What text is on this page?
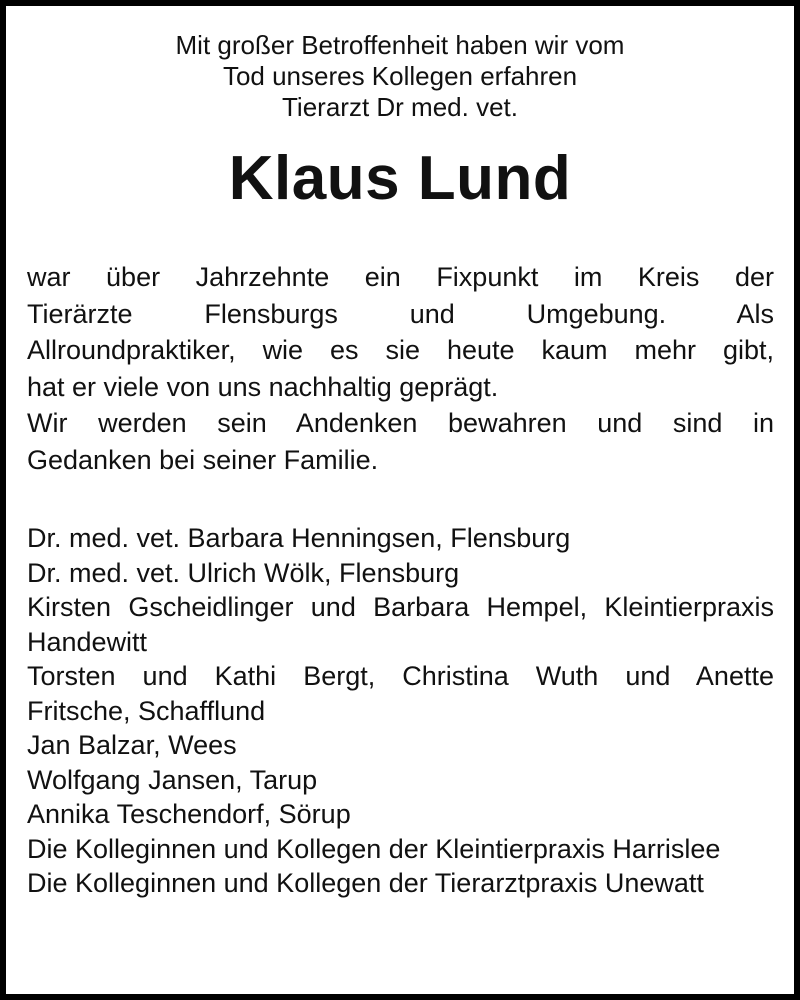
Mit großer Betroffenheit haben wir vom
Tod unseres Kollegen erfahren
Tierarzt Dr med. vet.
Klaus Lund
war über Jahrzehnte ein Fixpunkt im Kreis der
Tierärzte Flensburgs und Umgebung. Als
Allroundpraktiker, wie es sie heute kaum mehr gibt,
hat er viele von uns nachhaltig geprägt.
Wir werden sein Andenken bewahren und sind in
Gedanken bei seiner Familie.
Dr. med. vet. Barbara Henningsen, Flensburg
Dr. med. vet. Ulrich Wölk, Flensburg
Kirsten Gscheidlinger und Barbara Hempel, Kleintierpraxis
Handewitt
Torsten und Kathi Bergt, Christina Wuth und Anette
Fritsche, Schafflund
Jan Balzar, Wees
Wolfgang Jansen, Tarup
Annika Teschendorf, Sörup
Die Kolleginnen und Kollegen der Kleintierpraxis Harrislee
Die Kolleginnen und Kollegen der Tierarztpraxis Unewatt
